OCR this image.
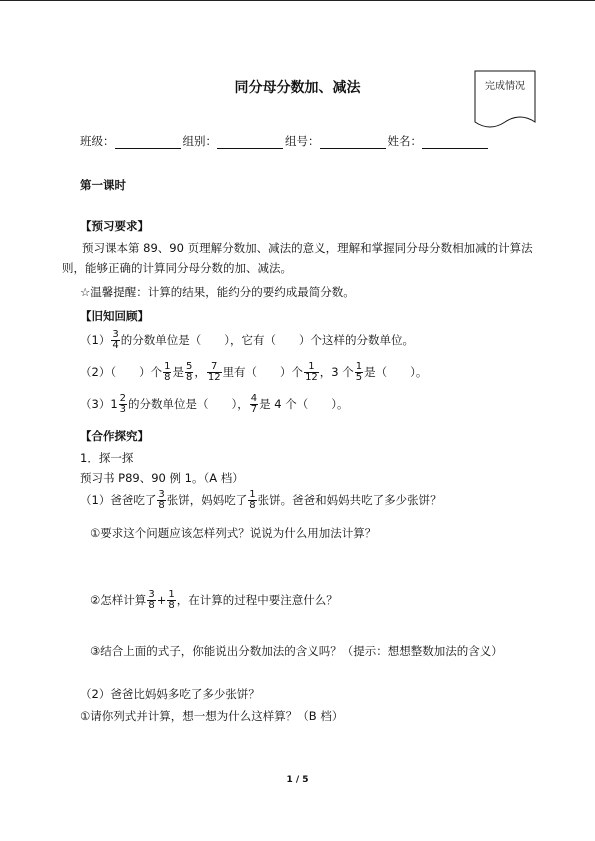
同分母分数加、减法	完成情况
班级：	组别：	组号：	姓名：
第一课时
【预习要求】
预习课本第 89、90 页理解分数加、减法的意义，理解和掌握同分母分数相加减的计算法则，能够正确的计算同分母分数的加、减法。
☆温馨提醒：计算的结果，能约分的要约成最简分数。
【旧知回顾】
$(1) \frac{3}{4}$ 的分数单位是（　　），它有（　　）个这样的分数单位。
（2）（　　）个 $\frac{1}{8}$ 是 $\frac{5}{8}$ ， $\frac{7}{12}$ 里有（　　）个 $\frac{1}{12}$ ，3 个 $\frac{1}{5}$ 是（　　）。
$(3)1 \frac{2}{3}$ 的分数单位是（　　）， $\frac{4}{7}$ 是 4 个（　　）。
【合作探究】
1．探一探
预习书 P89、90 例 1。（A 档）
（1）爸爸吃了 $\frac{3}{8}$ 张饼，妈妈吃了 $\frac{1}{8}$ 张饼。爸爸和妈妈共吃了多少张饼？
①要求这个问题应该怎样列式？说说为什么用加法计算？
②怎样计算 $\frac{3}{8} + \frac{1}{8}$ ，在计算的过程中要注意什么？
③结合上面的式子，你能说出分数加法的含义吗？（提示：想想整数加法的含义）
（2）爸爸比妈妈多吃了多少张饼？
①请你列式并计算，想一想为什么这样算？（B 档）
1 / 5
